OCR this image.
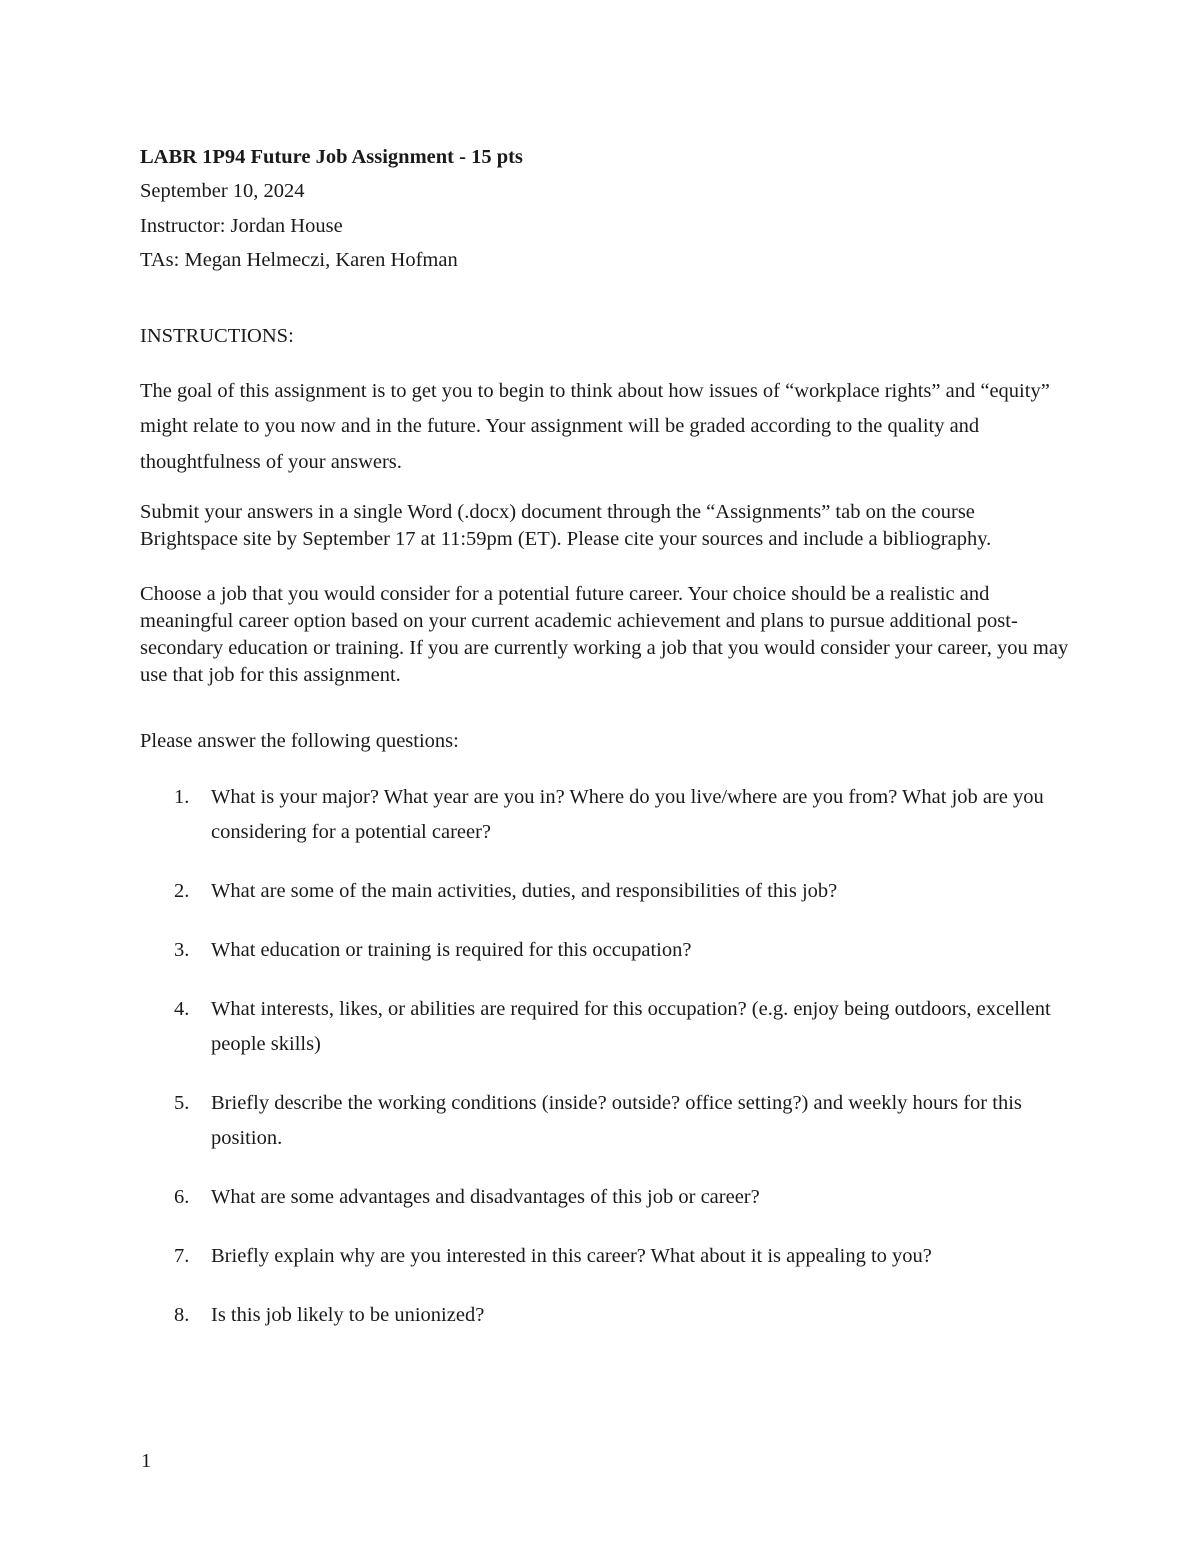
LABR 1P94 Future Job Assignment - 15 pts

September 10, 2024

Instructor: Jordan House

TAs: Megan Helmeczi, Karen Hofman

INSTRUCTIONS:
The goal of this assignment is to get you to begin to think about how issues of “workplace rights” and “equity” might relate to you now and in the future. Your assignment will be graded according to the quality and thoughtfulness of your answers.
Submit your answers in a single Word (.docx) document through the “Assignments” tab on the course Brightspace site by September 17 at 11:59pm (ET). Please cite your sources and include a bibliography.
Choose a job that you would consider for a potential future career. Your choice should be a realistic and meaningful career option based on your current academic achievement and plans to pursue additional post-secondary education or training. If you are currently working a job that you would consider your career, you may use that job for this assignment.
Please answer the following questions:
1.	What is your major? What year are you in? Where do you live/where are you from? What job are you considering for a potential career?
2.	What are some of the main activities, duties, and responsibilities of this job?
3.	What education or training is required for this occupation?
4.	What interests, likes, or abilities are required for this occupation? (e.g. enjoy being outdoors, excellent people skills)
5.	Briefly describe the working conditions (inside? outside? office setting?) and weekly hours for this position.
6.	What are some advantages and disadvantages of this job or career?
7.	Briefly explain why are you interested in this career? What about it is appealing to you?
8.	Is this job likely to be unionized?
1
